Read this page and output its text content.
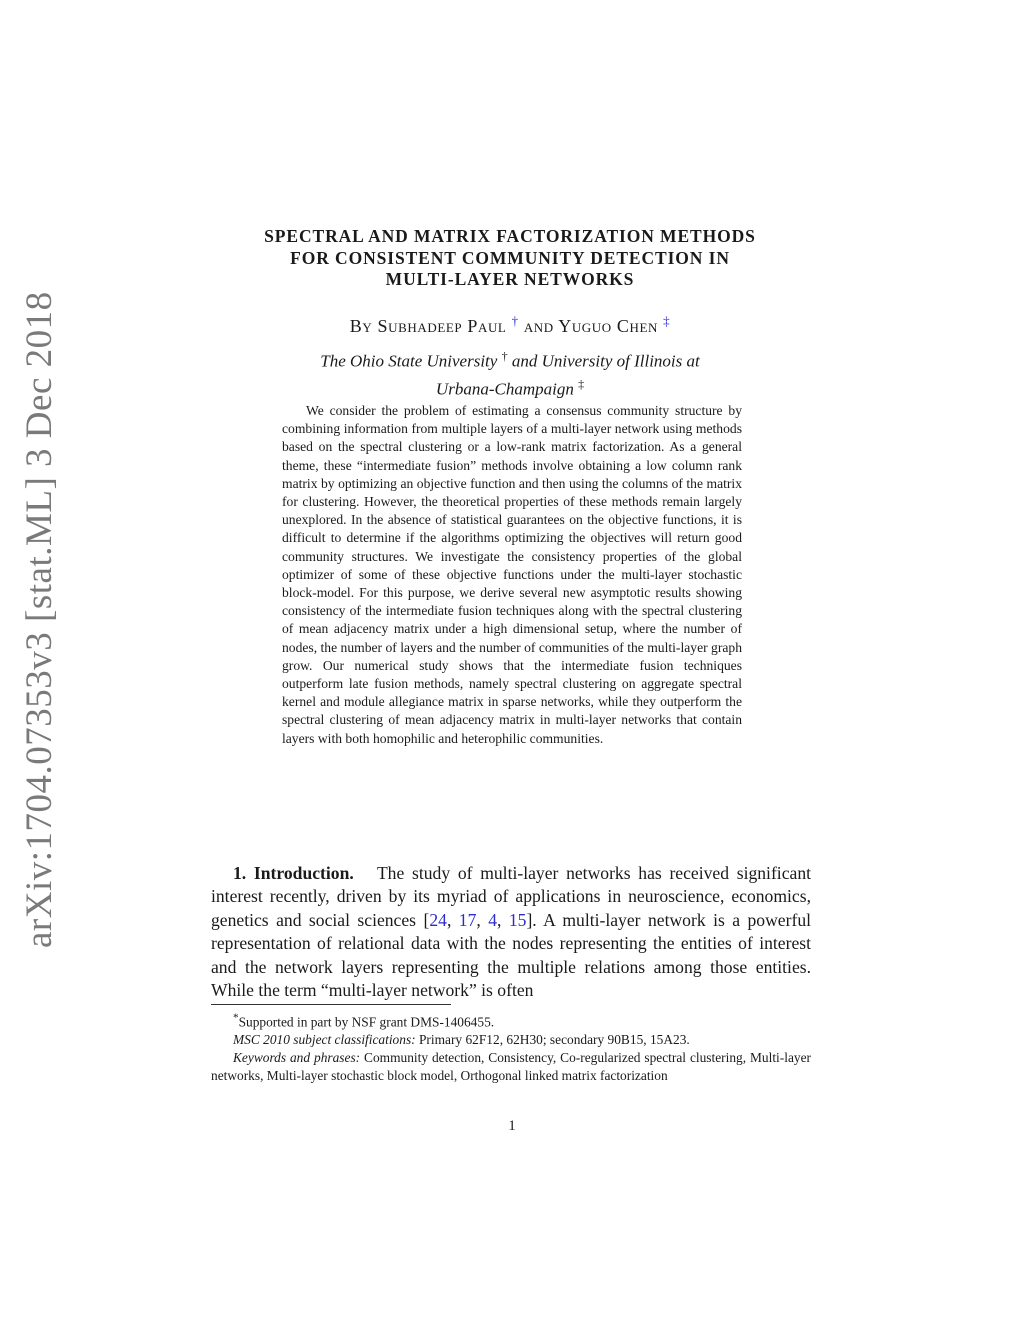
arXiv:1704.07353v3 [stat.ML] 3 Dec 2018
SPECTRAL AND MATRIX FACTORIZATION METHODS
FOR CONSISTENT COMMUNITY DETECTION IN
MULTI-LAYER NETWORKS
By Subhadeep Paul † and Yuguo Chen ‡
The Ohio State University † and University of Illinois at
Urbana-Champaign ‡
We consider the problem of estimating a consensus community structure by combining information from multiple layers of a multi-layer network using methods based on the spectral clustering or a low-rank matrix factorization. As a general theme, these “intermediate fusion” methods involve obtaining a low column rank matrix by optimizing an objective function and then using the columns of the matrix for clustering. However, the theoretical properties of these methods remain largely unexplored. In the absence of statistical guarantees on the objective functions, it is difficult to determine if the algorithms optimizing the objectives will return good community structures. We investigate the consistency properties of the global optimizer of some of these objective functions under the multi-layer stochastic block-model. For this purpose, we derive several new asymptotic results showing consistency of the intermediate fusion techniques along with the spectral clustering of mean adjacency matrix under a high dimensional setup, where the number of nodes, the number of layers and the number of communities of the multi-layer graph grow. Our numerical study shows that the intermediate fusion techniques outperform late fusion methods, namely spectral clustering on aggregate spectral kernel and module allegiance matrix in sparse networks, while they outperform the spectral clustering of mean adjacency matrix in multi-layer networks that contain layers with both homophilic and heterophilic communities.
1. Introduction. The study of multi-layer networks has received significant interest recently, driven by its myriad of applications in neuroscience, economics, genetics and social sciences [24, 17, 4, 15]. A multi-layer network is a powerful representation of relational data with the nodes representing the entities of interest and the network layers representing the multiple relations among those entities. While the term “multi-layer network” is often

*Supported in part by NSF grant DMS-1406455.

MSC 2010 subject classifications: Primary 62F12, 62H30; secondary 90B15, 15A23.

Keywords and phrases: Community detection, Consistency, Co-regularized spectral clustering, Multi-layer networks, Multi-layer stochastic block model, Orthogonal linked matrix factorization

1
